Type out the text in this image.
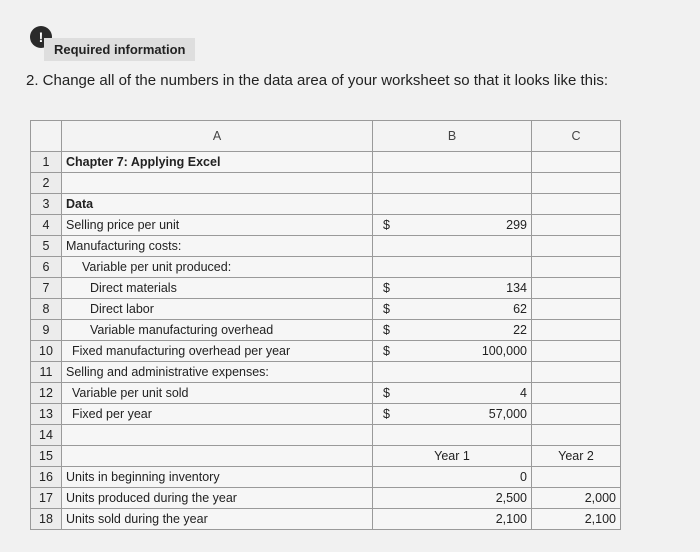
!
Required information
2. Change all of the numbers in the data area of your worksheet so that it looks like this:
	A	B	C
1	Chapter 7: Applying Excel		
2			
3	Data		
4	Selling price per unit	$ 299	

5	Manufacturing costs:		
6	Variable per unit produced:		
7	Direct materials	$ 134	

8	Direct labor	$ 62	

9	Variable manufacturing overhead	$ 22	

10	Fixed manufacturing overhead per year	$ 100,000	

11	Selling and administrative expenses:		
12	Variable per unit sold	$ 4	

13	Fixed per year	$ 57,000	

14			
15		Year 1	Year 2
16	Units in beginning inventory	0	
17	Units produced during the year	2,500	2,000
18	Units sold during the year	2,100	2,100
